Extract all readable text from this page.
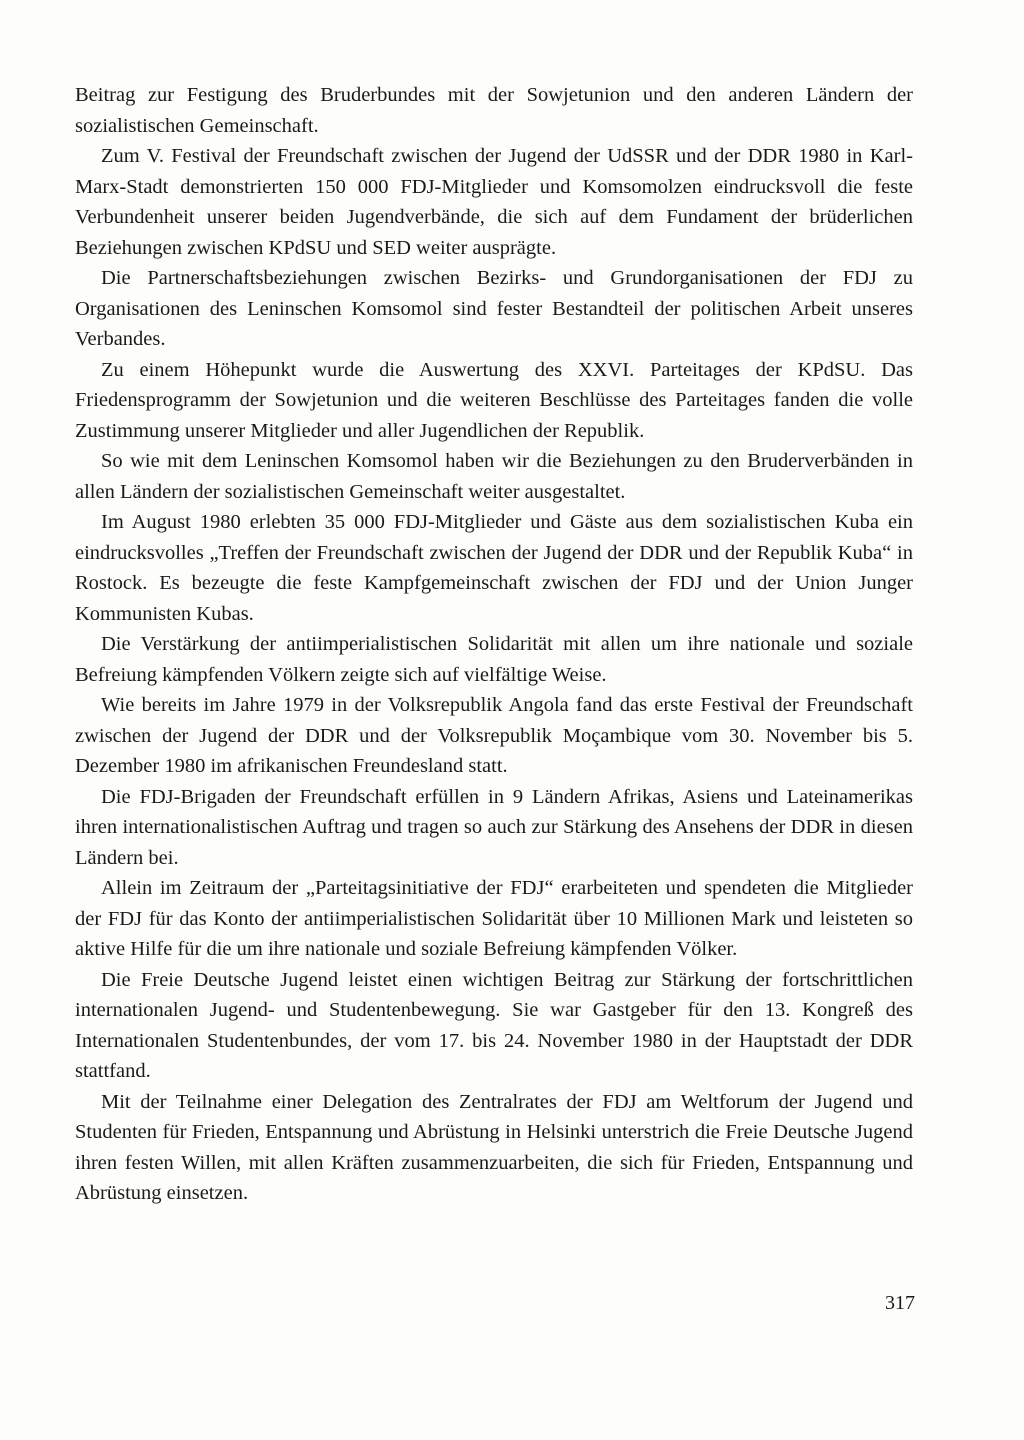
Beitrag zur Festigung des Bruderbundes mit der Sowjetunion und den anderen Ländern der sozialistischen Gemeinschaft.

Zum V. Festival der Freundschaft zwischen der Jugend der UdSSR und der DDR 1980 in Karl-Marx-Stadt demonstrierten 150 000 FDJ-Mitglieder und Komsomolzen eindrucksvoll die feste Verbundenheit unserer beiden Jugendverbände, die sich auf dem Fundament der brüderlichen Beziehungen zwischen KPdSU und SED weiter ausprägte.

Die Partnerschaftsbeziehungen zwischen Bezirks- und Grundorganisationen der FDJ zu Organisationen des Leninschen Komsomol sind fester Bestandteil der politischen Arbeit unseres Verbandes.

Zu einem Höhepunkt wurde die Auswertung des XXVI. Parteitages der KPdSU. Das Friedensprogramm der Sowjetunion und die weiteren Beschlüsse des Parteitages fanden die volle Zustimmung unserer Mitglieder und aller Jugendlichen der Republik.

So wie mit dem Leninschen Komsomol haben wir die Beziehungen zu den Bruderverbänden in allen Ländern der sozialistischen Gemeinschaft weiter ausgestaltet.

Im August 1980 erlebten 35 000 FDJ-Mitglieder und Gäste aus dem sozialistischen Kuba ein eindrucksvolles „Treffen der Freundschaft zwischen der Jugend der DDR und der Republik Kuba“ in Rostock. Es bezeugte die feste Kampfgemeinschaft zwischen der FDJ und der Union Junger Kommunisten Kubas.

Die Verstärkung der antiimperialistischen Solidarität mit allen um ihre nationale und soziale Befreiung kämpfenden Völkern zeigte sich auf vielfältige Weise.

Wie bereits im Jahre 1979 in der Volksrepublik Angola fand das erste Festival der Freundschaft zwischen der Jugend der DDR und der Volksrepublik Moçambique vom 30. November bis 5. Dezember 1980 im afrikanischen Freundesland statt.

Die FDJ-Brigaden der Freundschaft erfüllen in 9 Ländern Afrikas, Asiens und Lateinamerikas ihren internationalistischen Auftrag und tragen so auch zur Stärkung des Ansehens der DDR in diesen Ländern bei.

Allein im Zeitraum der „Parteitagsinitiative der FDJ“ erarbeiteten und spendeten die Mitglieder der FDJ für das Konto der antiimperialistischen Solidarität über 10 Millionen Mark und leisteten so aktive Hilfe für die um ihre nationale und soziale Befreiung kämpfenden Völker.

Die Freie Deutsche Jugend leistet einen wichtigen Beitrag zur Stärkung der fortschrittlichen internationalen Jugend- und Studentenbewegung. Sie war Gastgeber für den 13. Kongreß des Internationalen Studentenbundes, der vom 17. bis 24. November 1980 in der Hauptstadt der DDR stattfand.

Mit der Teilnahme einer Delegation des Zentralrates der FDJ am Weltforum der Jugend und Studenten für Frieden, Entspannung und Abrüstung in Helsinki unterstrich die Freie Deutsche Jugend ihren festen Willen, mit allen Kräften zusammenzuarbeiten, die sich für Frieden, Entspannung und Abrüstung einsetzen.

317
